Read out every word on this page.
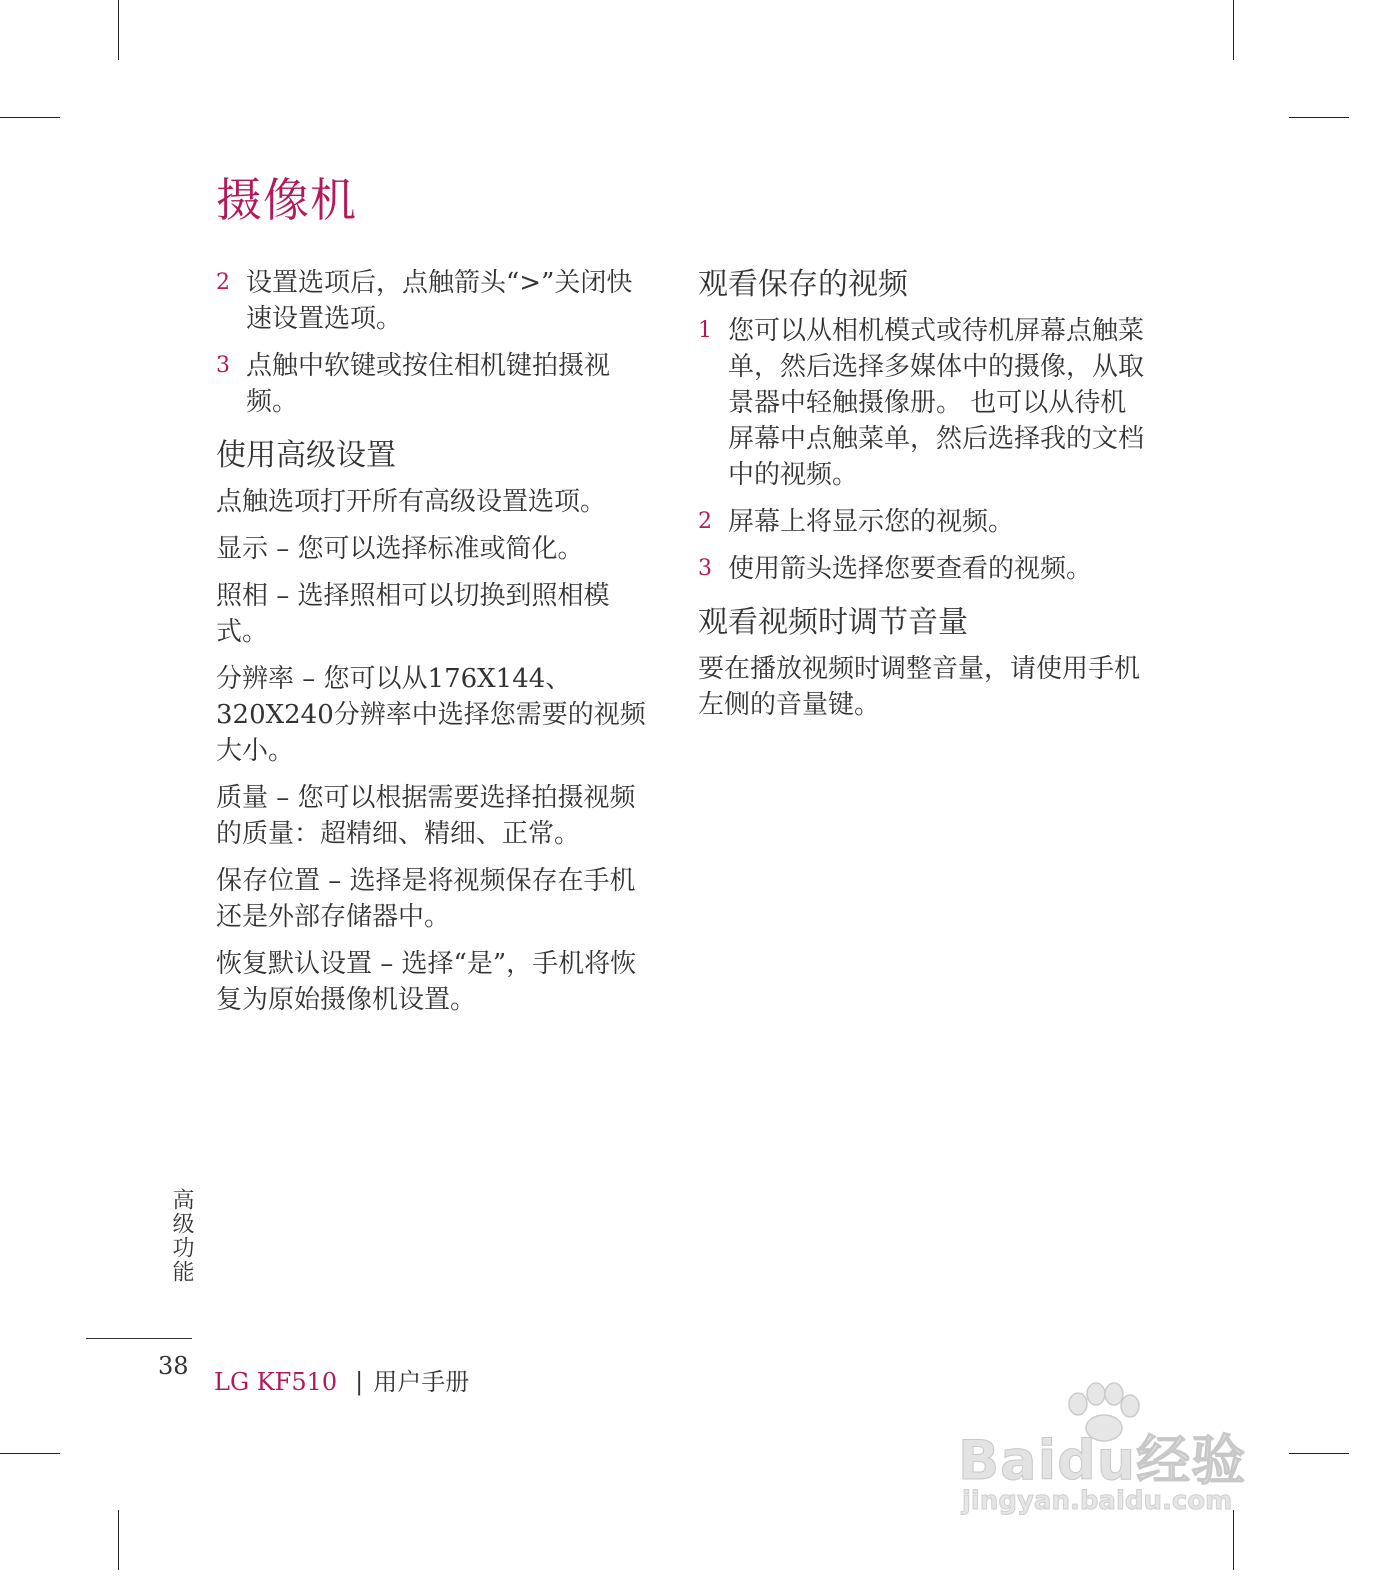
摄像机
2 设置选项后，点触箭头“>”关闭快速设置选项。
3 点触中软键或按住相机键拍摄视频。
使用高级设置

点触选项打开所有高级设置选项。

显示 – 您可以选择标准或简化。

照相 – 选择照相可以切换到照相模式。

分辨率 – 您可以从176X144、320X240分辨率中选择您需要的视频大小。

质量 – 您可以根据需要选择拍摄视频的质量：超精细、精细、正常。

保存位置 – 选择是将视频保存在手机还是外部存储器中。

恢复默认设置 – 选择“是”，手机将恢复为原始摄像机设置。

观看保存的视频
1 您可以从相机模式或待机屏幕点触菜单，然后选择多媒体中的摄像，从取景器中轻触摄像册。 也可以从待机屏幕中点触菜单，然后选择我的文档中的视频。
2 屏幕上将显示您的视频。
3 使用箭头选择您要查看的视频。
观看视频时调节音量

要在播放视频时调整音量，请使用手机左侧的音量键。

高级功能
38
LG KF510 | 用户手册
Baidu经验
jingyan.baidu.com
